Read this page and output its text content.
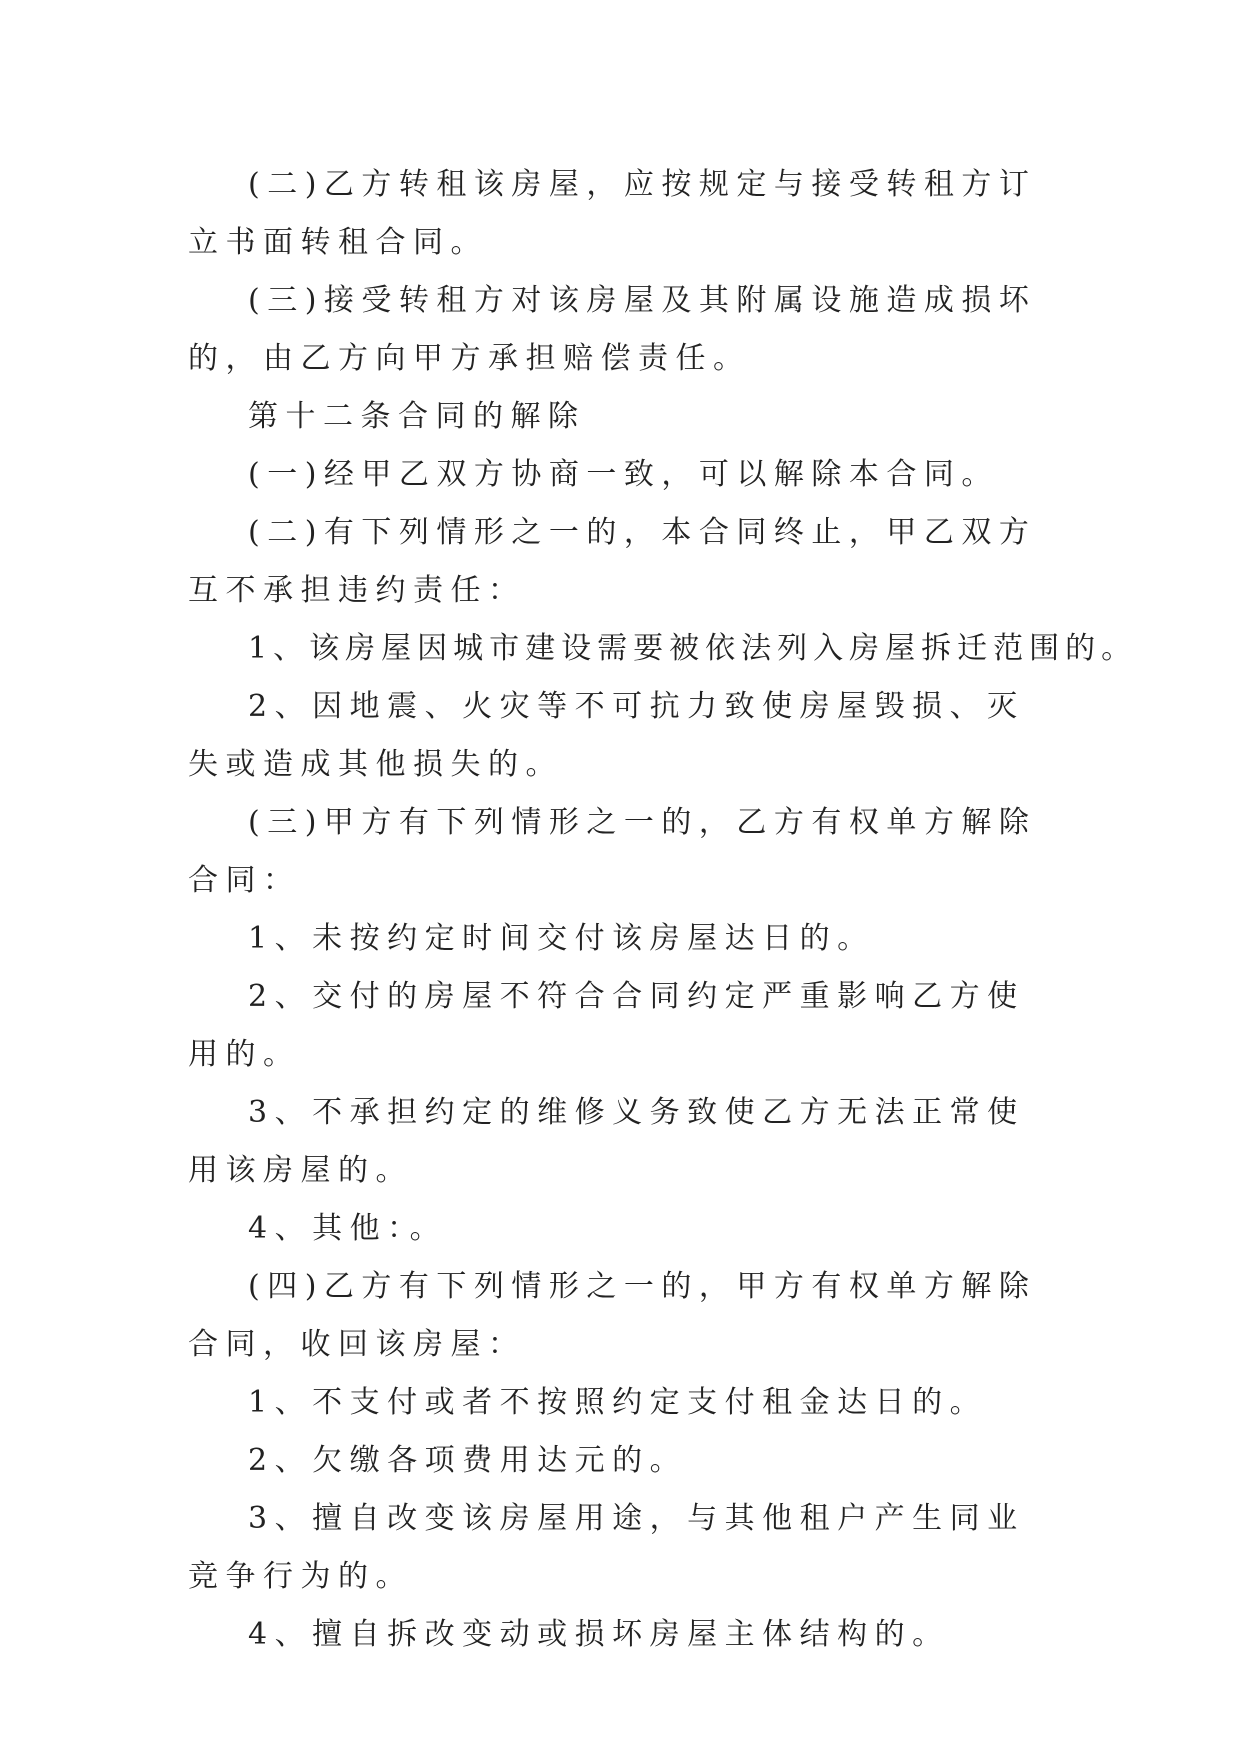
(二)乙方转租该房屋，应按规定与接受转租方订立书面转租合同。

(三)接受转租方对该房屋及其附属设施造成损坏的，由乙方向甲方承担赔偿责任。

第十二条合同的解除

(一)经甲乙双方协商一致，可以解除本合同。

(二)有下列情形之一的，本合同终止，甲乙双方互不承担违约责任：

1、该房屋因城市建设需要被依法列入房屋拆迁范围的。

2、因地震、火灾等不可抗力致使房屋毁损、灭失或造成其他损失的。

(三)甲方有下列情形之一的，乙方有权单方解除合同：

1、未按约定时间交付该房屋达日的。

2、交付的房屋不符合合同约定严重影响乙方使用的。

3、不承担约定的维修义务致使乙方无法正常使用该房屋的。

4、其他：。

(四)乙方有下列情形之一的，甲方有权单方解除合同，收回该房屋：

1、不支付或者不按照约定支付租金达日的。

2、欠缴各项费用达元的。

3、擅自改变该房屋用途，与其他租户产生同业竞争行为的。

4、擅自拆改变动或损坏房屋主体结构的。
